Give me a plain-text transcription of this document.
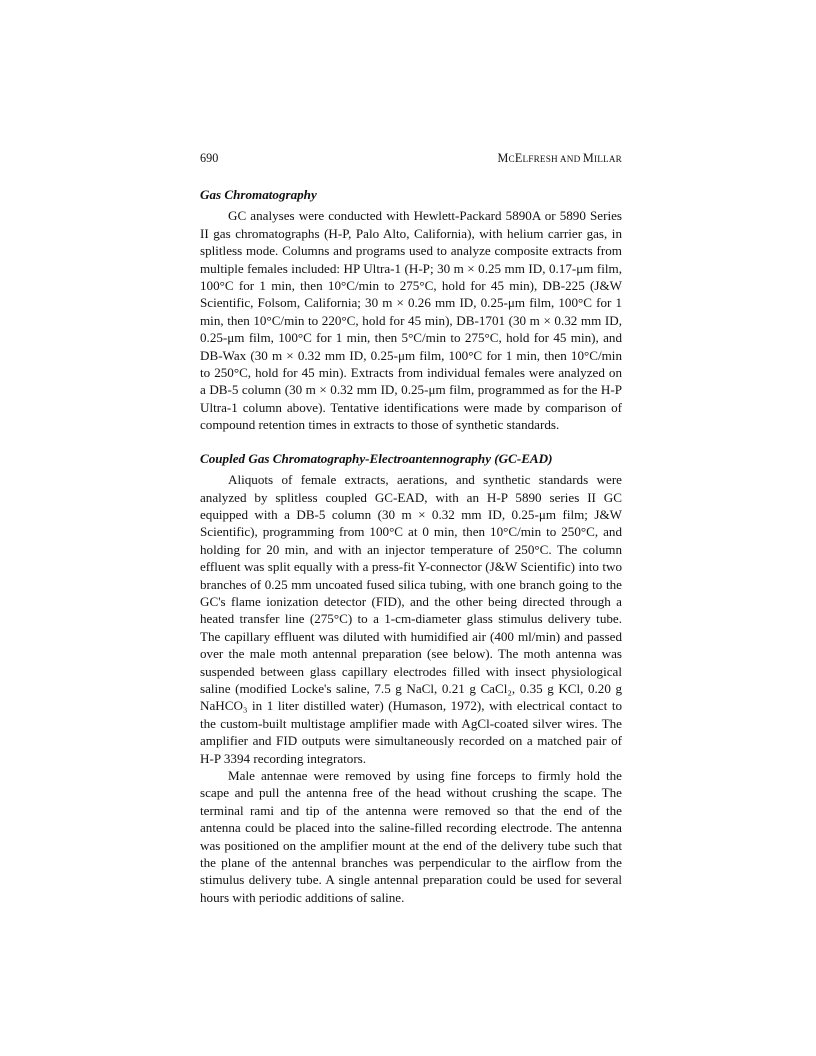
690	MCELFRESH AND MILLAR
Gas Chromatography

GC analyses were conducted with Hewlett-Packard 5890A or 5890 Series II gas chromatographs (H-P, Palo Alto, California), with helium carrier gas, in splitless mode. Columns and programs used to analyze composite extracts from multiple females included: HP Ultra-1 (H-P; 30 m × 0.25 mm ID, 0.17-μm film, 100°C for 1 min, then 10°C/min to 275°C, hold for 45 min), DB-225 (J&W Scientific, Folsom, California; 30 m × 0.26 mm ID, 0.25-μm film, 100°C for 1 min, then 10°C/min to 220°C, hold for 45 min), DB-1701 (30 m × 0.32 mm ID, 0.25-μm film, 100°C for 1 min, then 5°C/min to 275°C, hold for 45 min), and DB-Wax (30 m × 0.32 mm ID, 0.25-μm film, 100°C for 1 min, then 10°C/min to 250°C, hold for 45 min). Extracts from individual females were analyzed on a DB-5 column (30 m × 0.32 mm ID, 0.25-μm film, programmed as for the H-P Ultra-1 column above). Tentative identifications were made by comparison of compound retention times in extracts to those of synthetic standards.

Coupled Gas Chromatography-Electroantennography (GC-EAD)

Aliquots of female extracts, aerations, and synthetic standards were analyzed by splitless coupled GC-EAD, with an H-P 5890 series II GC equipped with a DB-5 column (30 m × 0.32 mm ID, 0.25-μm film; J&W Scientific), programming from 100°C at 0 min, then 10°C/min to 250°C, and holding for 20 min, and with an injector temperature of 250°C. The column effluent was split equally with a press-fit Y-connector (J&W Scientific) into two branches of 0.25 mm uncoated fused silica tubing, with one branch going to the GC's flame ionization detector (FID), and the other being directed through a heated transfer line (275°C) to a 1-cm-diameter glass stimulus delivery tube. The capillary effluent was diluted with humidified air (400 ml/min) and passed over the male moth antennal preparation (see below). The moth antenna was suspended between glass capillary electrodes filled with insect physiological saline (modified Locke's saline, 7.5 g NaCl, 0.21 g CaCl₂, 0.35 g KCl, 0.20 g NaHCO₃ in 1 liter distilled water) (Humason, 1972), with electrical contact to the custom-built multistage amplifier made with AgCl-coated silver wires. The amplifier and FID outputs were simultaneously recorded on a matched pair of H-P 3394 recording integrators.

Male antennae were removed by using fine forceps to firmly hold the scape and pull the antenna free of the head without crushing the scape. The terminal rami and tip of the antenna were removed so that the end of the antenna could be placed into the saline-filled recording electrode. The antenna was positioned on the amplifier mount at the end of the delivery tube such that the plane of the antennal branches was perpendicular to the airflow from the stimulus delivery tube. A single antennal preparation could be used for several hours with periodic additions of saline.
